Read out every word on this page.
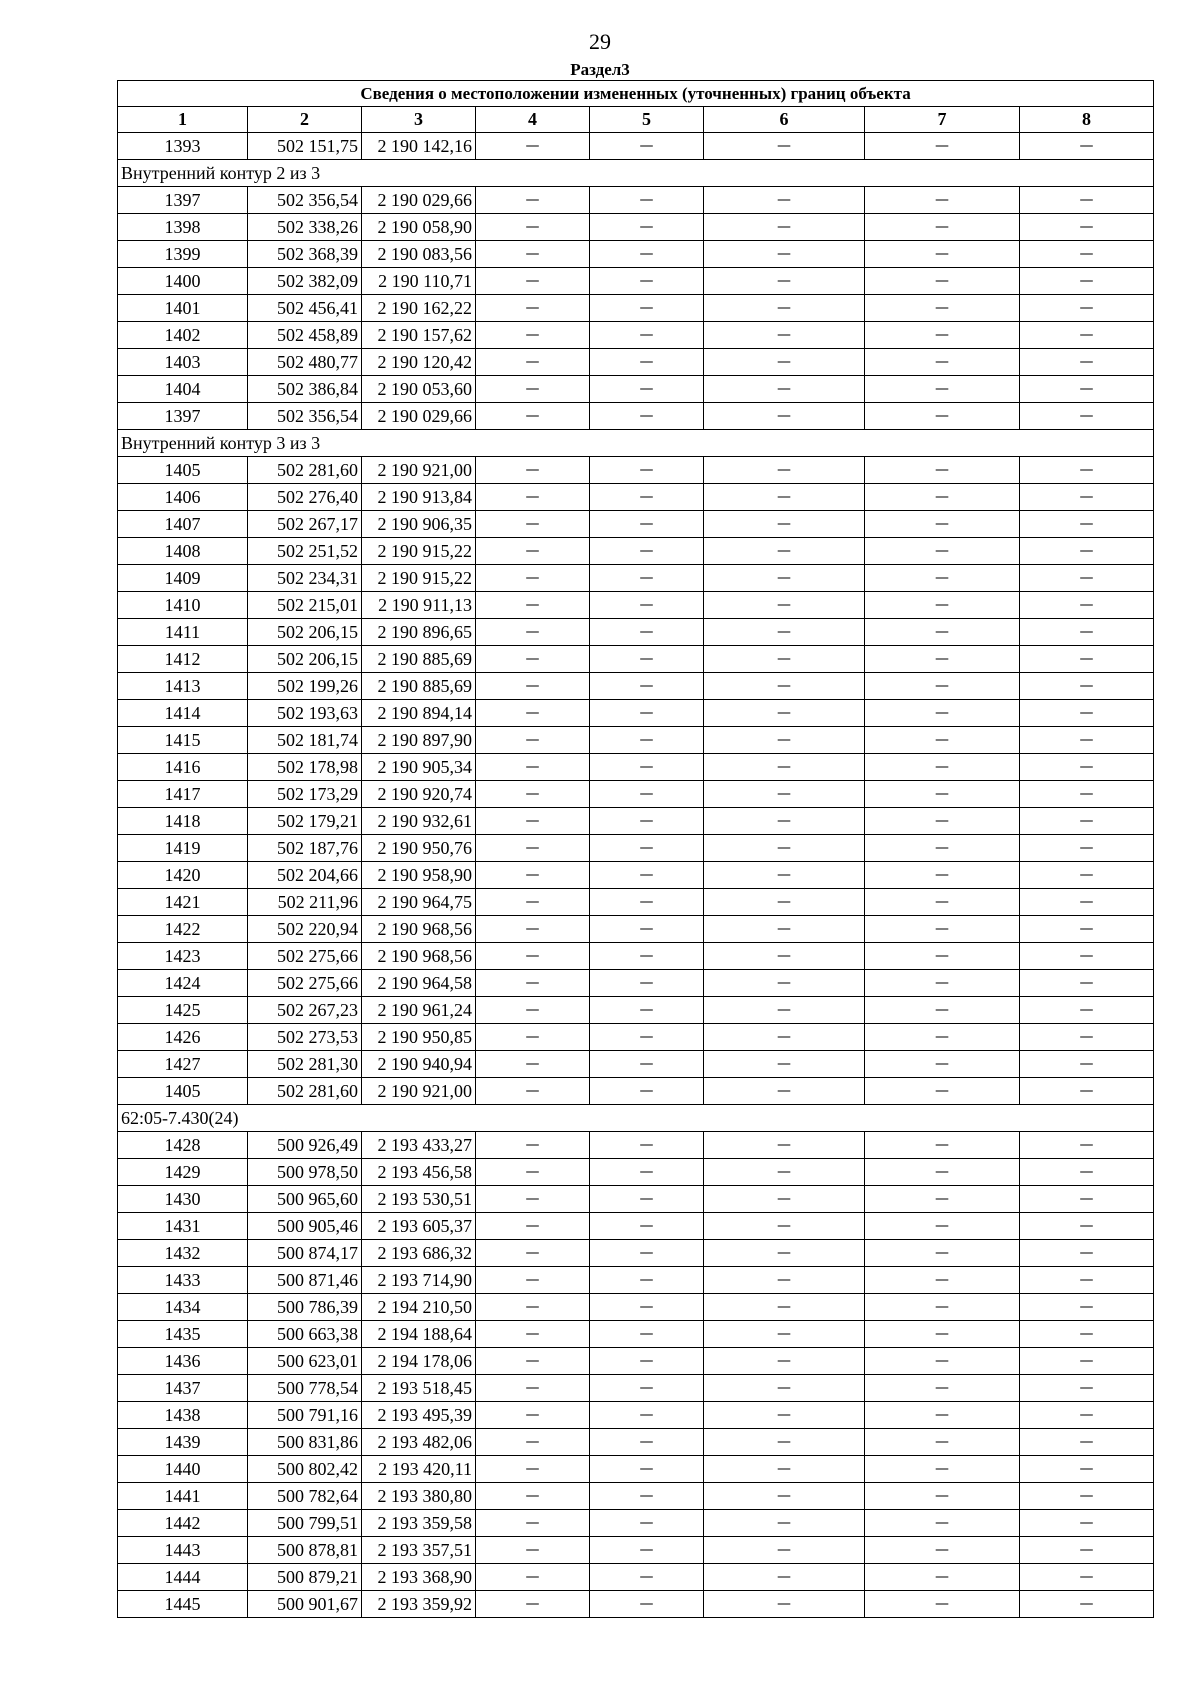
29
Раздел3
Сведения о местоположении измененных (уточненных) границ объекта							
1	2	3	4	5	6	7	8
1393	502 151,75	2 190 142,16	—	—	—	—	—
Внутренний контур 2 из 3							
1397	502 356,54	2 190 029,66	—	—	—	—	—
1398	502 338,26	2 190 058,90	—	—	—	—	—
1399	502 368,39	2 190 083,56	—	—	—	—	—
1400	502 382,09	2 190 110,71	—	—	—	—	—
1401	502 456,41	2 190 162,22	—	—	—	—	—
1402	502 458,89	2 190 157,62	—	—	—	—	—
1403	502 480,77	2 190 120,42	—	—	—	—	—
1404	502 386,84	2 190 053,60	—	—	—	—	—
1397	502 356,54	2 190 029,66	—	—	—	—	—
Внутренний контур 3 из 3							
1405	502 281,60	2 190 921,00	—	—	—	—	—
1406	502 276,40	2 190 913,84	—	—	—	—	—
1407	502 267,17	2 190 906,35	—	—	—	—	—
1408	502 251,52	2 190 915,22	—	—	—	—	—
1409	502 234,31	2 190 915,22	—	—	—	—	—
1410	502 215,01	2 190 911,13	—	—	—	—	—
1411	502 206,15	2 190 896,65	—	—	—	—	—
1412	502 206,15	2 190 885,69	—	—	—	—	—
1413	502 199,26	2 190 885,69	—	—	—	—	—
1414	502 193,63	2 190 894,14	—	—	—	—	—
1415	502 181,74	2 190 897,90	—	—	—	—	—
1416	502 178,98	2 190 905,34	—	—	—	—	—
1417	502 173,29	2 190 920,74	—	—	—	—	—
1418	502 179,21	2 190 932,61	—	—	—	—	—
1419	502 187,76	2 190 950,76	—	—	—	—	—
1420	502 204,66	2 190 958,90	—	—	—	—	—
1421	502 211,96	2 190 964,75	—	—	—	—	—
1422	502 220,94	2 190 968,56	—	—	—	—	—
1423	502 275,66	2 190 968,56	—	—	—	—	—
1424	502 275,66	2 190 964,58	—	—	—	—	—
1425	502 267,23	2 190 961,24	—	—	—	—	—
1426	502 273,53	2 190 950,85	—	—	—	—	—
1427	502 281,30	2 190 940,94	—	—	—	—	—
1405	502 281,60	2 190 921,00	—	—	—	—	—
62:05-7.430(24)							
1428	500 926,49	2 193 433,27	—	—	—	—	—
1429	500 978,50	2 193 456,58	—	—	—	—	—
1430	500 965,60	2 193 530,51	—	—	—	—	—
1431	500 905,46	2 193 605,37	—	—	—	—	—
1432	500 874,17	2 193 686,32	—	—	—	—	—
1433	500 871,46	2 193 714,90	—	—	—	—	—
1434	500 786,39	2 194 210,50	—	—	—	—	—
1435	500 663,38	2 194 188,64	—	—	—	—	—
1436	500 623,01	2 194 178,06	—	—	—	—	—
1437	500 778,54	2 193 518,45	—	—	—	—	—
1438	500 791,16	2 193 495,39	—	—	—	—	—
1439	500 831,86	2 193 482,06	—	—	—	—	—
1440	500 802,42	2 193 420,11	—	—	—	—	—
1441	500 782,64	2 193 380,80	—	—	—	—	—
1442	500 799,51	2 193 359,58	—	—	—	—	—
1443	500 878,81	2 193 357,51	—	—	—	—	—
1444	500 879,21	2 193 368,90	—	—	—	—	—
1445	500 901,67	2 193 359,92	—	—	—	—	—
